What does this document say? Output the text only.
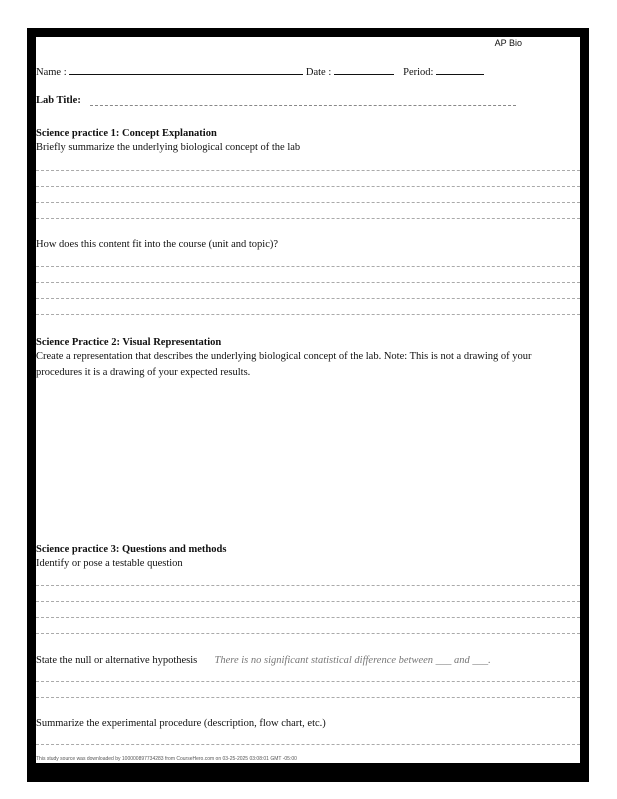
AP Bio
Name :	Date :	Period:
Lab Title:
Science practice 1: Concept Explanation
Briefly summarize the underlying biological concept of the lab
How does this content fit into the course (unit and topic)?
Science Practice 2: Visual Representation
Create a representation that describes the underlying biological concept of the lab. Note: This is not a drawing of your procedures it is a drawing of your expected results.
Science practice 3: Questions and methods
Identify or pose a testable question
State the null or alternative hypothesis There is no significant statistical difference between ___ and ___.
Summarize the experimental procedure (description, flow chart, etc.)
This study source was downloaded by 100000897734283 from CourseHero.com on 03-25-2025 03:08:01 GMT -05:00
